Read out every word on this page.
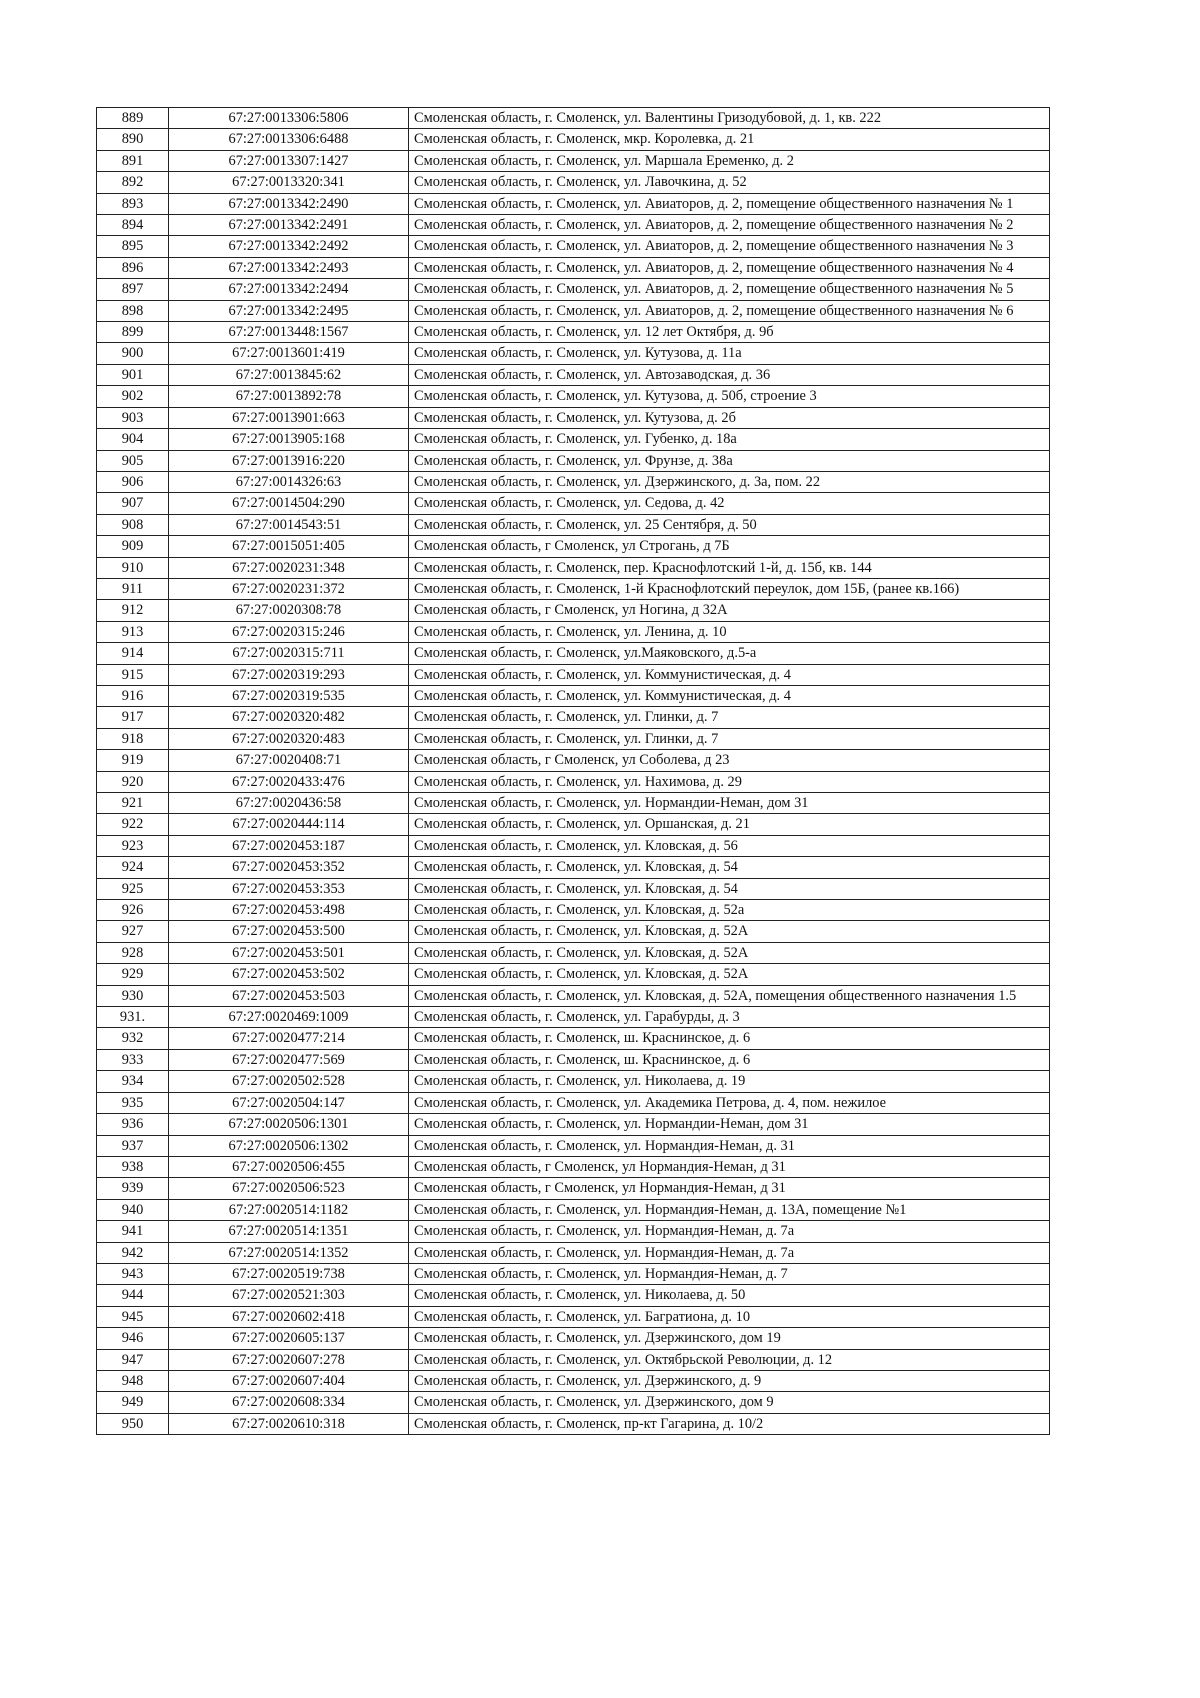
889	67:27:0013306:5806	Смоленская область, г. Смоленск, ул. Валентины Гризодубовой, д. 1, кв. 222
890	67:27:0013306:6488	Смоленская область, г. Смоленск, мкр. Королевка, д. 21
891	67:27:0013307:1427	Смоленская область, г. Смоленск, ул. Маршала Еременко, д. 2
892	67:27:0013320:341	Смоленская область, г. Смоленск, ул. Лавочкина, д. 52
893	67:27:0013342:2490	Смоленская область, г. Смоленск, ул. Авиаторов, д. 2, помещение общественного назначения № 1
894	67:27:0013342:2491	Смоленская область, г. Смоленск, ул. Авиаторов, д. 2, помещение общественного назначения № 2
895	67:27:0013342:2492	Смоленская область, г. Смоленск, ул. Авиаторов, д. 2, помещение общественного назначения № 3
896	67:27:0013342:2493	Смоленская область, г. Смоленск, ул. Авиаторов, д. 2, помещение общественного назначения № 4
897	67:27:0013342:2494	Смоленская область, г. Смоленск, ул. Авиаторов, д. 2, помещение общественного назначения № 5
898	67:27:0013342:2495	Смоленская область, г. Смоленск, ул. Авиаторов, д. 2, помещение общественного назначения № 6
899	67:27:0013448:1567	Смоленская область, г. Смоленск, ул. 12 лет Октября, д. 9б
900	67:27:0013601:419	Смоленская область, г. Смоленск, ул. Кутузова, д. 11а
901	67:27:0013845:62	Смоленская область, г. Смоленск, ул. Автозаводская, д. 36
902	67:27:0013892:78	Смоленская область, г. Смоленск, ул. Кутузова, д. 50б, строение 3
903	67:27:0013901:663	Смоленская область, г. Смоленск, ул. Кутузова, д. 2б
904	67:27:0013905:168	Смоленская область, г. Смоленск, ул. Губенко, д. 18а
905	67:27:0013916:220	Смоленская область, г. Смоленск, ул. Фрунзе, д. 38а
906	67:27:0014326:63	Смоленская область, г. Смоленск, ул. Дзержинского, д. 3а, пом. 22
907	67:27:0014504:290	Смоленская область, г. Смоленск, ул. Седова, д. 42
908	67:27:0014543:51	Смоленская область, г. Смоленск, ул. 25 Сентября, д. 50
909	67:27:0015051:405	Смоленская область, г Смоленск, ул Строгань, д 7Б
910	67:27:0020231:348	Смоленская область, г. Смоленск, пер. Краснофлотский 1-й, д. 15б, кв. 144
911	67:27:0020231:372	Смоленская область, г. Смоленск, 1-й Краснофлотский переулок, дом 15Б, (ранее кв.166)
912	67:27:0020308:78	Смоленская область, г Смоленск, ул Ногина, д 32А
913	67:27:0020315:246	Смоленская область, г. Смоленск, ул. Ленина, д. 10
914	67:27:0020315:711	Смоленская область, г. Смоленск, ул.Маяковского, д.5-а
915	67:27:0020319:293	Смоленская область, г. Смоленск, ул. Коммунистическая, д. 4
916	67:27:0020319:535	Смоленская область, г. Смоленск, ул. Коммунистическая, д. 4
917	67:27:0020320:482	Смоленская область, г. Смоленск, ул. Глинки, д. 7
918	67:27:0020320:483	Смоленская область, г. Смоленск, ул. Глинки, д. 7
919	67:27:0020408:71	Смоленская область, г Смоленск, ул Соболева, д 23
920	67:27:0020433:476	Смоленская область, г. Смоленск, ул. Нахимова, д. 29
921	67:27:0020436:58	Смоленская область, г. Смоленск, ул. Нормандии-Неман, дом 31
922	67:27:0020444:114	Смоленская область, г. Смоленск, ул. Оршанская, д. 21
923	67:27:0020453:187	Смоленская область, г. Смоленск, ул. Кловская, д. 56
924	67:27:0020453:352	Смоленская область, г. Смоленск, ул. Кловская, д. 54
925	67:27:0020453:353	Смоленская область, г. Смоленск, ул. Кловская, д. 54
926	67:27:0020453:498	Смоленская область, г. Смоленск, ул. Кловская, д. 52а
927	67:27:0020453:500	Смоленская область, г. Смоленск, ул. Кловская, д. 52А
928	67:27:0020453:501	Смоленская область, г. Смоленск, ул. Кловская, д. 52А
929	67:27:0020453:502	Смоленская область, г. Смоленск, ул. Кловская, д. 52А
930	67:27:0020453:503	Смоленская область, г. Смоленск, ул. Кловская, д. 52А, помещения общественного назначения 1.5
931.	67:27:0020469:1009	Смоленская область, г. Смоленск, ул. Гарабурды, д. 3
932	67:27:0020477:214	Смоленская область, г. Смоленск, ш. Краснинское, д. 6
933	67:27:0020477:569	Смоленская область, г. Смоленск, ш. Краснинское, д. 6
934	67:27:0020502:528	Смоленская область, г. Смоленск, ул. Николаева, д. 19
935	67:27:0020504:147	Смоленская область, г. Смоленск, ул. Академика Петрова, д. 4, пом. нежилое
936	67:27:0020506:1301	Смоленская область, г. Смоленск, ул. Нормандии-Неман, дом 31
937	67:27:0020506:1302	Смоленская область, г. Смоленск, ул. Нормандия-Неман, д. 31
938	67:27:0020506:455	Смоленская область, г Смоленск, ул Нормандия-Неман, д 31
939	67:27:0020506:523	Смоленская область, г Смоленск, ул Нормандия-Неман, д 31
940	67:27:0020514:1182	Смоленская область, г. Смоленск, ул. Нормандия-Неман, д. 13А, помещение №1
941	67:27:0020514:1351	Смоленская область, г. Смоленск, ул. Нормандия-Неман, д. 7а
942	67:27:0020514:1352	Смоленская область, г. Смоленск, ул. Нормандия-Неман, д. 7а
943	67:27:0020519:738	Смоленская область, г. Смоленск, ул. Нормандия-Неман, д. 7
944	67:27:0020521:303	Смоленская область, г. Смоленск, ул. Николаева, д. 50
945	67:27:0020602:418	Смоленская область, г. Смоленск, ул. Багратиона, д. 10
946	67:27:0020605:137	Смоленская область, г. Смоленск, ул. Дзержинского, дом 19
947	67:27:0020607:278	Смоленская область, г. Смоленск, ул. Октябрьской Революции, д. 12
948	67:27:0020607:404	Смоленская область, г. Смоленск, ул. Дзержинского, д. 9
949	67:27:0020608:334	Смоленская область, г. Смоленск, ул. Дзержинского, дом 9
950	67:27:0020610:318	Смоленская область, г. Смоленск, пр-кт Гагарина, д. 10/2
